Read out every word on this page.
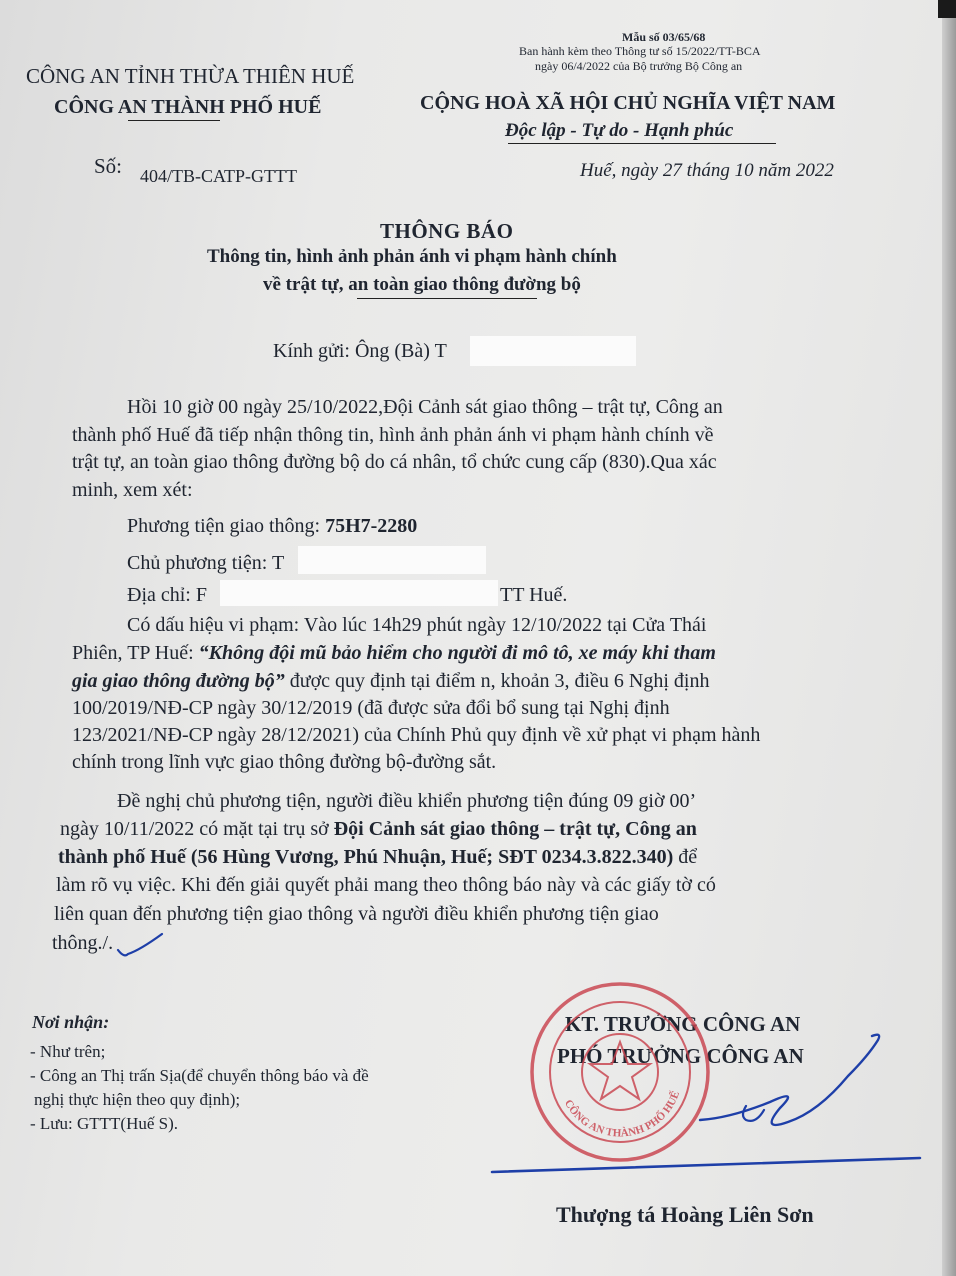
Mẫu số 03/65/68
Ban hành kèm theo Thông tư số 15/2022/TT-BCA
ngày 06/4/2022 của Bộ trưởng Bộ Công an
CÔNG AN TỈNH THỪA THIÊN HUẾ
CÔNG AN THÀNH PHỐ HUẾ	CỘNG HOÀ XÃ HỘI CHỦ NGHĨA VIỆT NAM
Độc lập - Tự do - Hạnh phúc
Số: 404/TB-CATP-GTTT	Huế, ngày 27 tháng 10 năm 2022
THÔNG BÁO
Thông tin, hình ảnh phản ánh vi phạm hành chính
về trật tự, an toàn giao thông đường bộ
Kính gửi: Ông (Bà) T
Hồi 10 giờ 00 ngày 25/10/2022,Đội Cảnh sát giao thông – trật tự, Công an
thành phố Huế đã tiếp nhận thông tin, hình ảnh phản ánh vi phạm hành chính về
trật tự, an toàn giao thông đường bộ do cá nhân, tổ chức cung cấp (830).Qua xác
minh, xem xét:
Phương tiện giao thông: 75H7-2280
Chủ phương tiện: T
Địa chỉ: F	TT Huế.
Có dấu hiệu vi phạm: Vào lúc 14h29 phút ngày 12/10/2022 tại Cửa Thái
Phiên, TP Huế: “Không đội mũ bảo hiểm cho người đi mô tô, xe máy khi tham
gia giao thông đường bộ” được quy định tại điểm n, khoản 3, điều 6 Nghị định
100/2019/NĐ-CP ngày 30/12/2019 (đã được sửa đổi bổ sung tại Nghị định
123/2021/NĐ-CP ngày 28/12/2021) của Chính Phủ quy định về xử phạt vi phạm hành
chính trong lĩnh vực giao thông đường bộ-đường sắt.
Đề nghị chủ phương tiện, người điều khiển phương tiện đúng 09 giờ 00’
ngày 10/11/2022 có mặt tại trụ sở Đội Cảnh sát giao thông – trật tự, Công an
thành phố Huế (56 Hùng Vương, Phú Nhuận, Huế; SĐT 0234.3.822.340) để
làm rõ vụ việc. Khi đến giải quyết phải mang theo thông báo này và các giấy tờ có
liên quan đến phương tiện giao thông và người điều khiển phương tiện giao
thông./.
Nơi nhận:
- Như trên;
- Công an Thị trấn Sịa(để chuyển thông báo và đề
nghị thực hiện theo quy định);
- Lưu: GTTT(Huế S).
KT. TRƯỞNG CÔNG AN
PHÓ TRƯỞNG CÔNG AN
Thượng tá Hoàng Liên Sơn
CÔNG AN THÀNH PHỐ HUẾ
